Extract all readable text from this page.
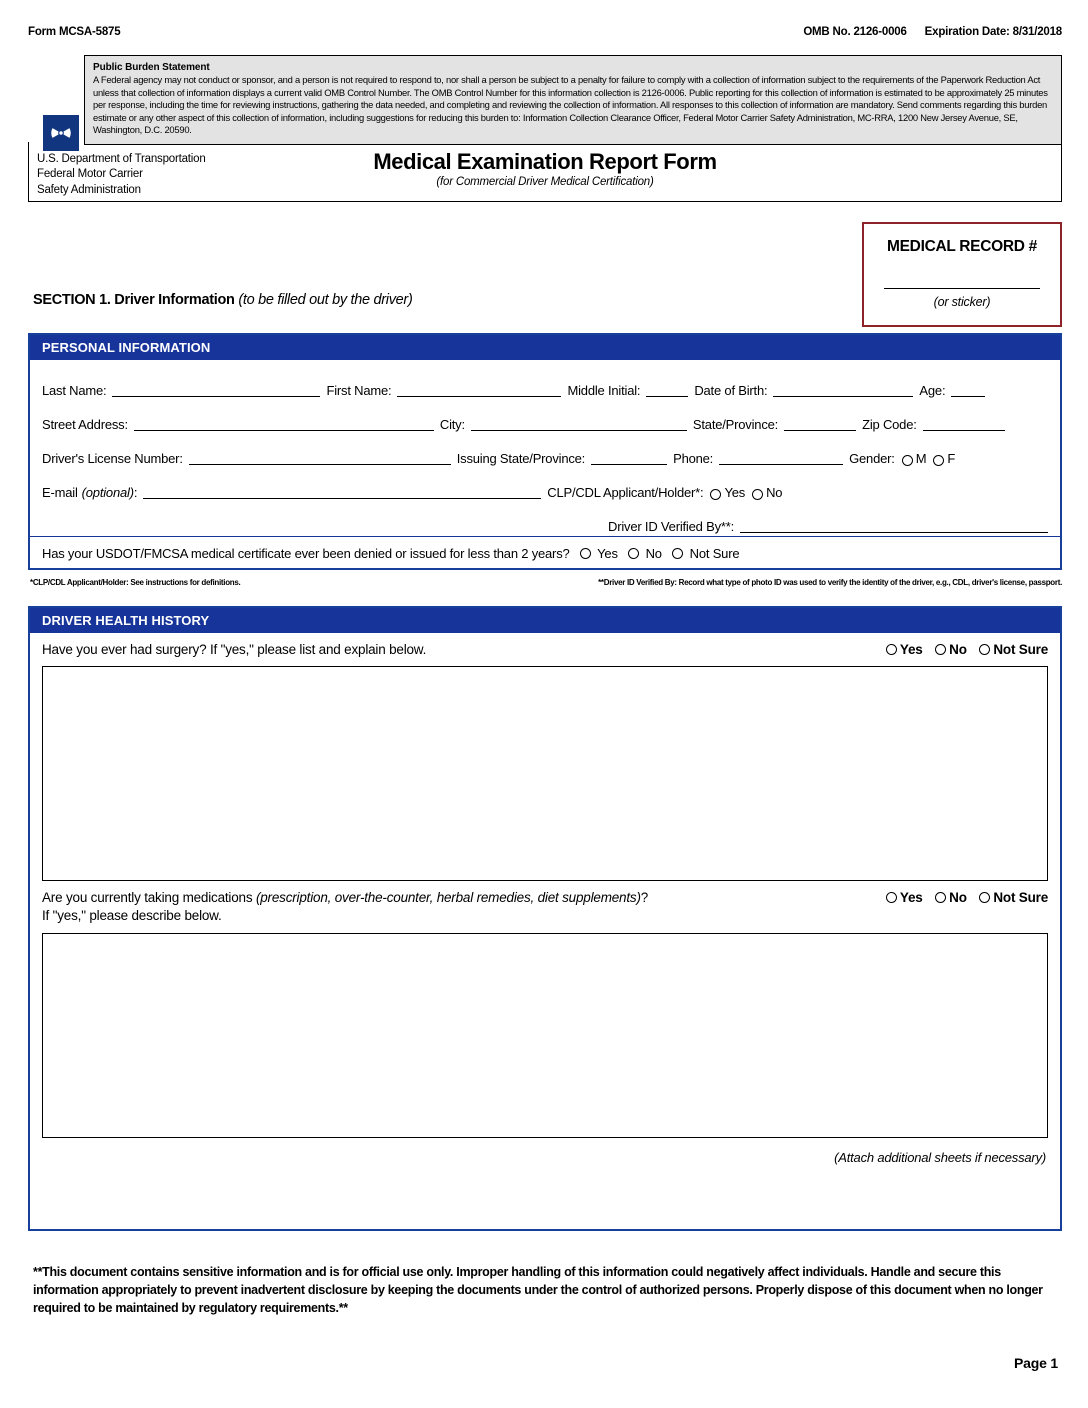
Form MCSA-5875	OMB No. 2126-0006 Expiration Date: 8/31/2018
Public Burden Statement
A Federal agency may not conduct or sponsor, and a person is not required to respond to, nor shall a person be subject to a penalty for failure to comply with a collection of information subject to the requirements of the Paperwork Reduction Act unless that collection of information displays a current valid OMB Control Number. The OMB Control Number for this information collection is 2126-0006. Public reporting for this collection of information is estimated to be approximately 25 minutes per response, including the time for reviewing instructions, gathering the data needed, and completing and reviewing the collection of information. All responses to this collection of information are mandatory. Send comments regarding this burden estimate or any other aspect of this collection of information, including suggestions for reducing this burden to: Information Collection Clearance Officer, Federal Motor Carrier Safety Administration, MC-RRA, 1200 New Jersey Avenue, SE, Washington, D.C. 20590.
U.S. Department of Transportation
Federal Motor Carrier
Safety Administration
Medical Examination Report Form
(for Commercial Driver Medical Certification)
MEDICAL RECORD #
(or sticker)
SECTION 1. Driver Information (to be filled out by the driver)
PERSONAL INFORMATION
Last Name:	First Name:	Middle Initial:	Date of Birth:	Age:
Street Address:	City:	State/Province:	Zip Code:
Driver's License Number:	Issuing State/Province:	Phone:	Gender: M F
E-mail (optional) :	CLP/CDL Applicant/Holder*: Yes No
Driver ID Verified By**:
Has your USDOT/FMCSA medical certificate ever been denied or issued for less than 2 years? Yes No Not Sure
*CLP/CDL Applicant/Holder: See instructions for definitions.	**Driver ID Verified By: Record what type of photo ID was used to verify the identity of the driver, e.g., CDL, driver's license, passport.
DRIVER HEALTH HISTORY
Have you ever had surgery? If "yes," please list and explain below.	Yes No Not Sure
Are you currently taking medications (prescription, over-the-counter, herbal remedies, diet supplements)?
If "yes," please describe below.
Yes No Not Sure
(Attach additional sheets if necessary)
**This document contains sensitive information and is for official use only. Improper handling of this information could negatively affect individuals. Handle and secure this information appropriately to prevent inadvertent disclosure by keeping the documents under the control of authorized persons. Properly dispose of this document when no longer required to be maintained by regulatory requirements.**
Page 1
